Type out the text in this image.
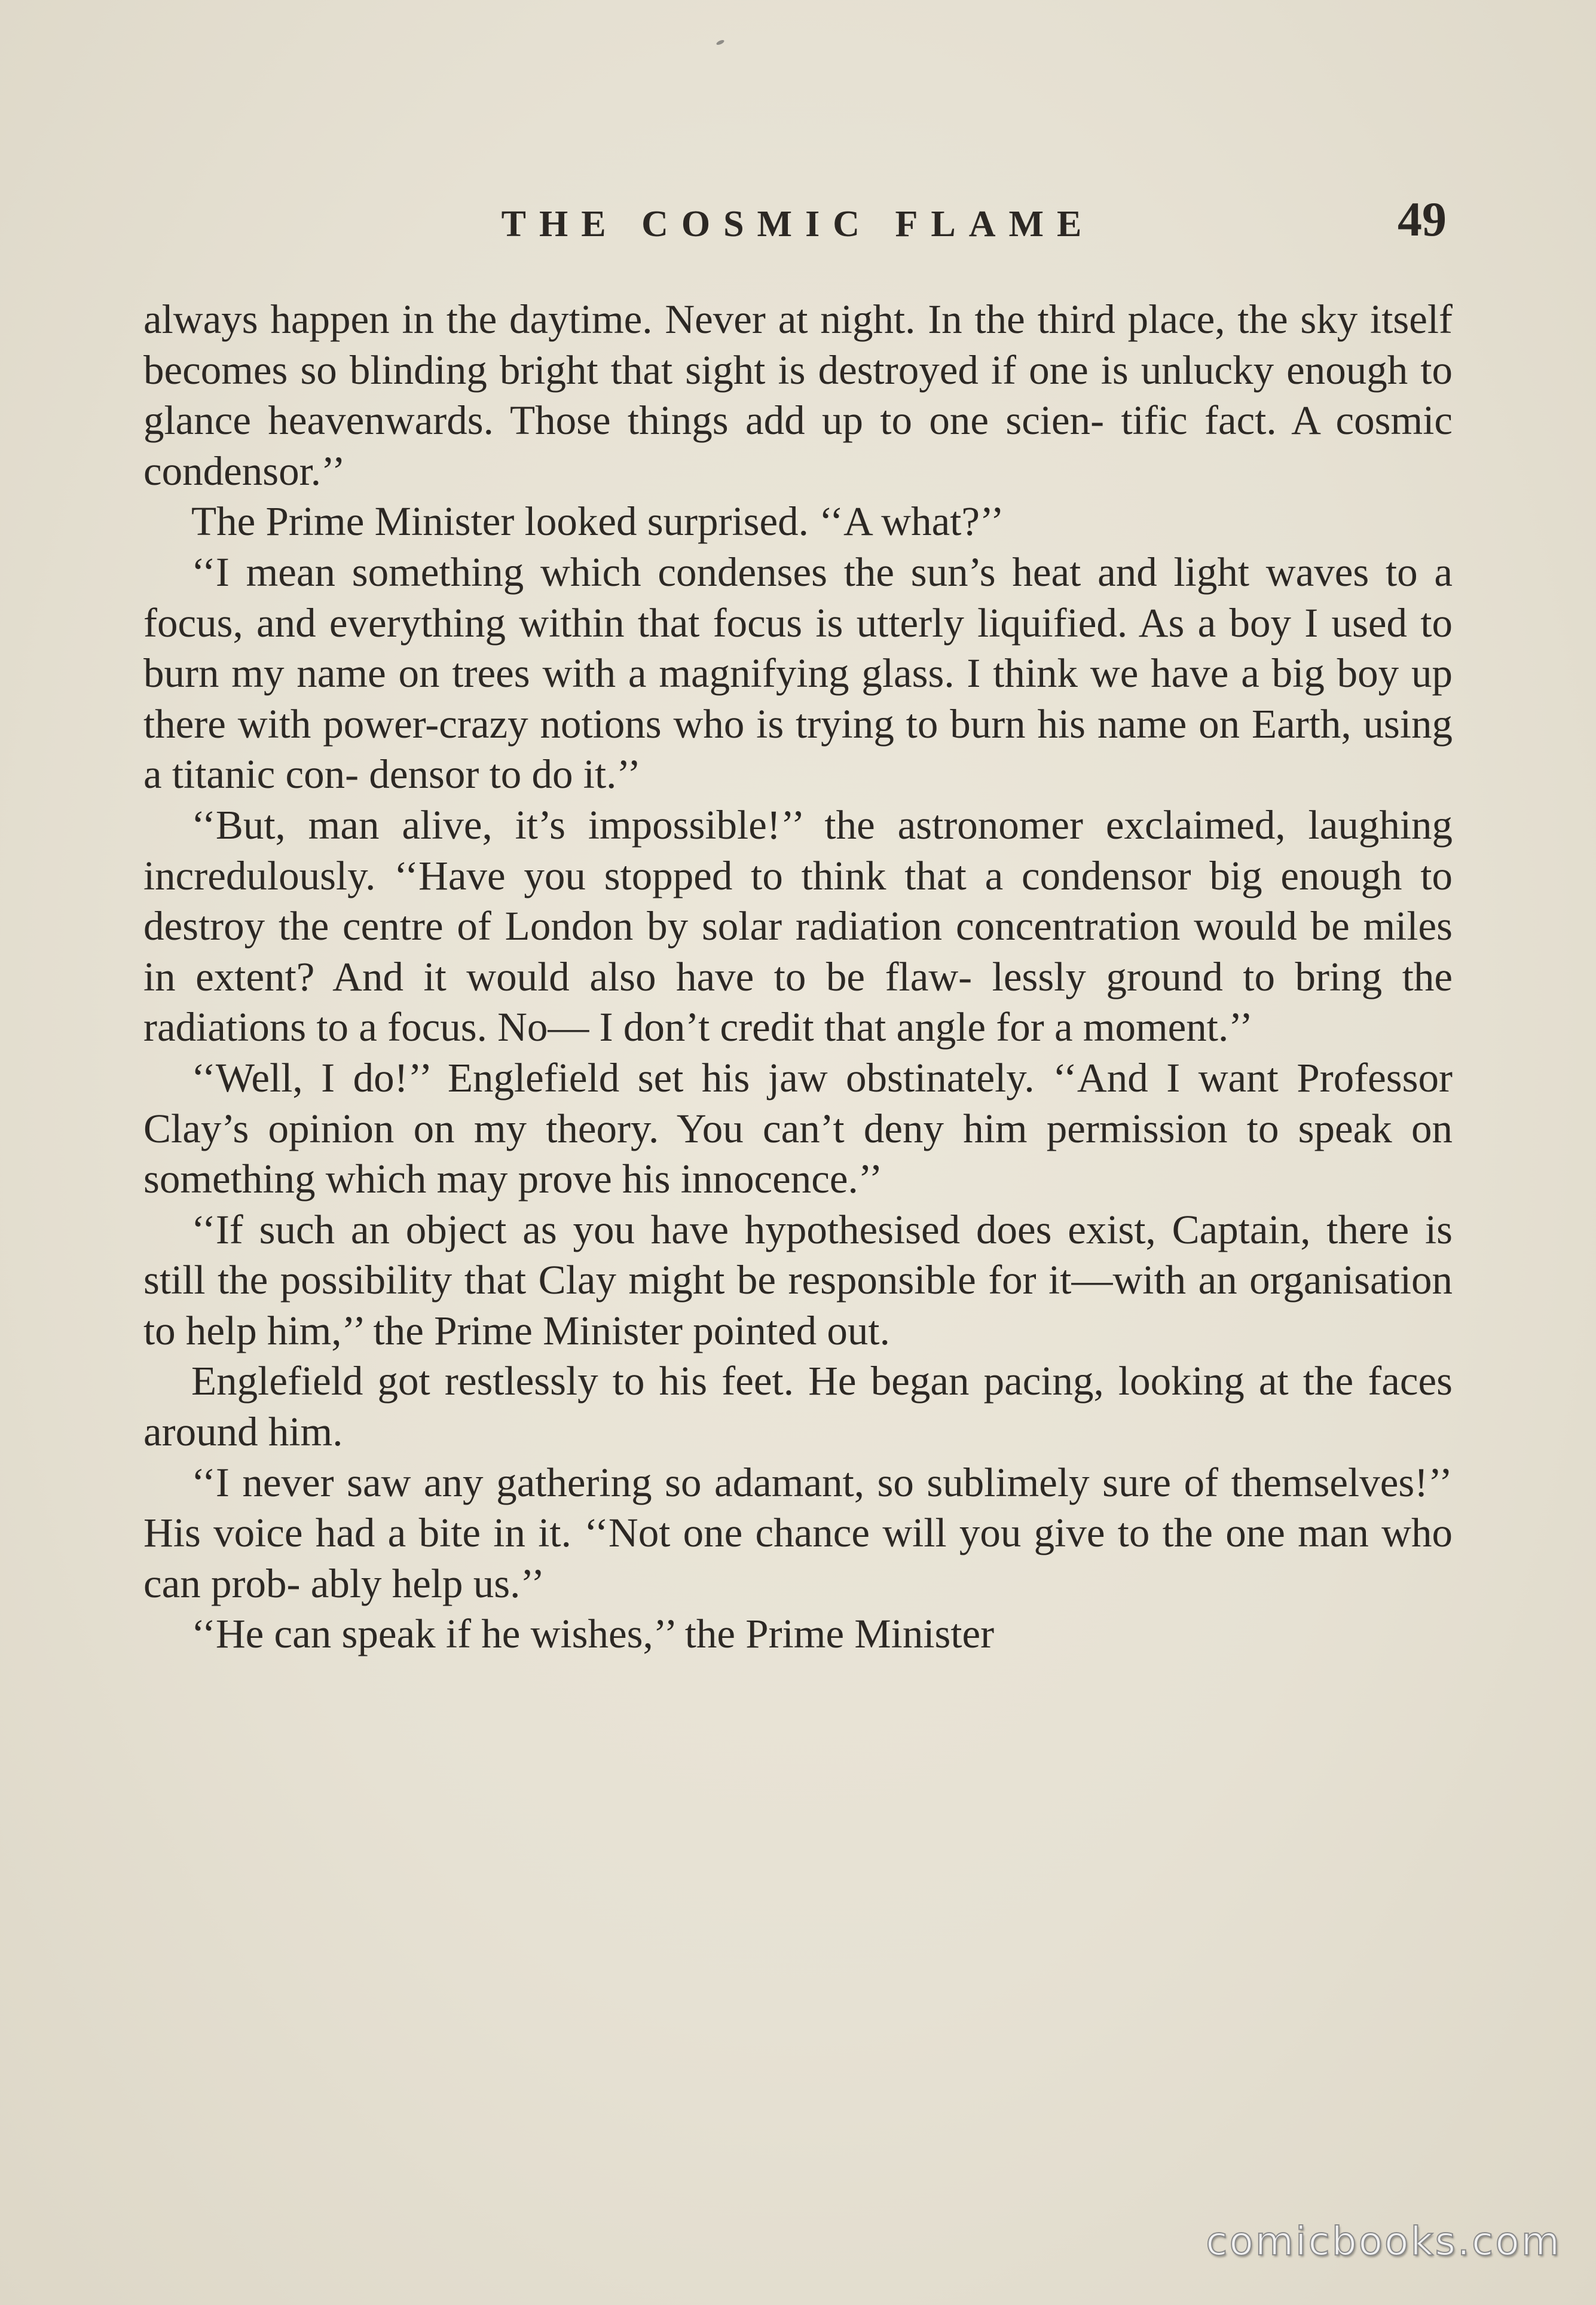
THE COSMIC FLAME	49

always happen in the daytime. Never at night. In the third place, the sky itself becomes so blinding bright that sight is destroyed if one is unlucky enough to glance heavenwards. Those things add up to one scien- tific fact. A cosmic condensor.’’

The Prime Minister looked surprised. ‘‘A what?’’

‘‘I mean something which condenses the sun’s heat and light waves to a focus, and everything within that focus is utterly liquified. As a boy I used to burn my name on trees with a magnifying glass. I think we have a big boy up there with power-crazy notions who is trying to burn his name on Earth, using a titanic con- densor to do it.’’

‘‘But, man alive, it’s impossible!’’ the astronomer exclaimed, laughing incredulously. ‘‘Have you stopped to think that a condensor big enough to destroy the centre of London by solar radiation concentration would be miles in extent? And it would also have to be flaw- lessly ground to bring the radiations to a focus. No— I don’t credit that angle for a moment.’’

‘‘Well, I do!’’ Englefield set his jaw obstinately. ‘‘And I want Professor Clay’s opinion on my theory. You can’t deny him permission to speak on something which may prove his innocence.’’

‘‘If such an object as you have hypothesised does exist, Captain, there is still the possibility that Clay might be responsible for it—with an organisation to help him,’’ the Prime Minister pointed out.

Englefield got restlessly to his feet. He began pacing, looking at the faces around him.

‘‘I never saw any gathering so adamant, so sublimely sure of themselves!’’ His voice had a bite in it. ‘‘Not one chance will you give to the one man who can prob- ably help us.’’

‘‘He can speak if he wishes,’’ the Prime Minister

comicbooks.com
